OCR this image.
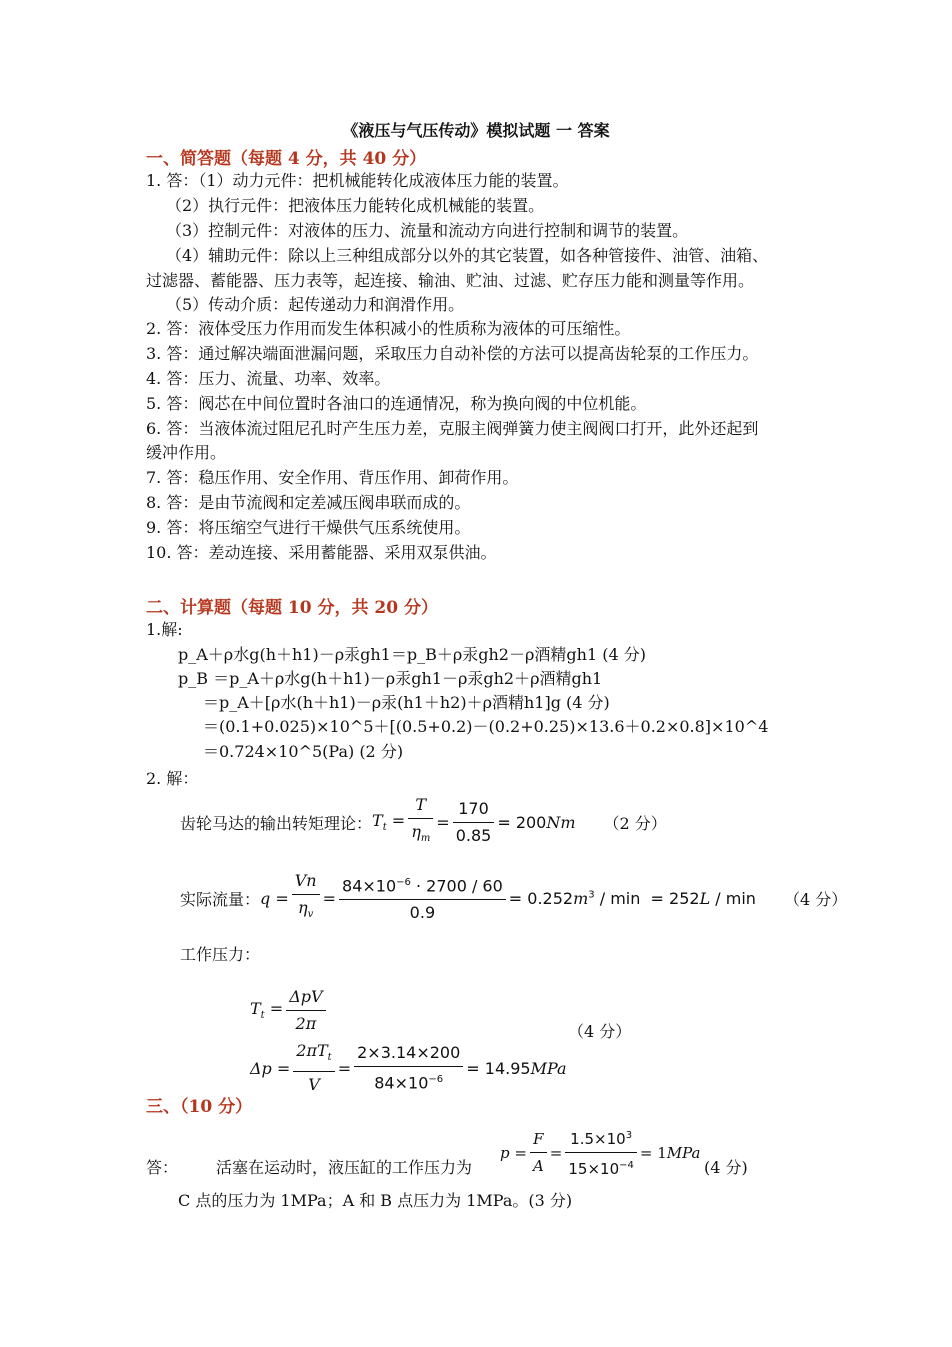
《液压与气压传动》模拟试题 一 答案
一、简答题（每题 4 分，共 40 分）
1. 答：（1）动力元件：把机械能转化成液体压力能的装置。
（2）执行元件：把液体压力能转化成机械能的装置。
（3）控制元件：对液体的压力、流量和流动方向进行控制和调节的装置。
（4）辅助元件：除以上三种组成部分以外的其它装置，如各种管接件、油管、油箱、
过滤器、蓄能器、压力表等，起连接、输油、贮油、过滤、贮存压力能和测量等作用。
（5）传动介质：起传递动力和润滑作用。
2. 答：液体受压力作用而发生体积减小的性质称为液体的可压缩性。
3. 答：通过解决端面泄漏问题，采取压力自动补偿的方法可以提高齿轮泵的工作压力。
4. 答：压力、流量、功率、效率。
5. 答：阀芯在中间位置时各油口的连通情况，称为换向阀的中位机能。
6. 答：当液体流过阻尼孔时产生压力差，克服主阀弹簧力使主阀阀口打开，此外还起到
缓冲作用。
7. 答：稳压作用、安全作用、背压作用、卸荷作用。
8. 答：是由节流阀和定差减压阀串联而成的。
9. 答：将压缩空气进行干燥供气压系统使用。
10. 答：差动连接、采用蓄能器、采用双泵供油。
二、计算题（每题 10 分，共 20 分）
1.解:
p_A＋ρ水g(h＋h1)－ρ汞gh1＝p_B＋ρ汞gh2－ρ酒精gh1 (4 分)
p_B ＝p_A＋ρ水g(h＋h1)－ρ汞gh1－ρ汞gh2＋ρ酒精gh1
＝p_A＋[ρ水(h＋h1)－ρ汞(h1＋h2)＋ρ酒精h1]g (4 分)
＝(0.1+0.025)×10^5＋[(0.5+0.2)－(0.2+0.25)×13.6＋0.2×0.8]×10^4
＝0.724×10^5(Pa) (2 分)
2. 解：
齿轮马达的输出转矩理论： $T_t = \frac{T}{\eta_m} = \frac{170}{0.85} = 200Nm$ （2 分）
实际流量： $q = \frac{Vn}{\eta_v} = \frac{84\times 10^{-6} \cdot 2700 / 60}{0.9} = 0.252m^3 / \min = 252L / \min (4$ 分）
工作压力：
$T_t = \frac{\text{ΔpV}}{2\pi}$
$\Delta p = \frac{2\pi T_t}{V} = \frac{2\times 3.14\times 200}{84\times 10^{-6}} = 14.95MPa$
（4 分）
三、（10 分）
答： 活塞在运动时，液压缸的工作压力为
$p = \frac{F}{A} = \frac{1.5\times 10^3}{15\times 10^{-4}} = 1MPa$
(4 分)
C 点的压力为 1MPa；A 和 B 点压力为 1MPa。(3 分)
